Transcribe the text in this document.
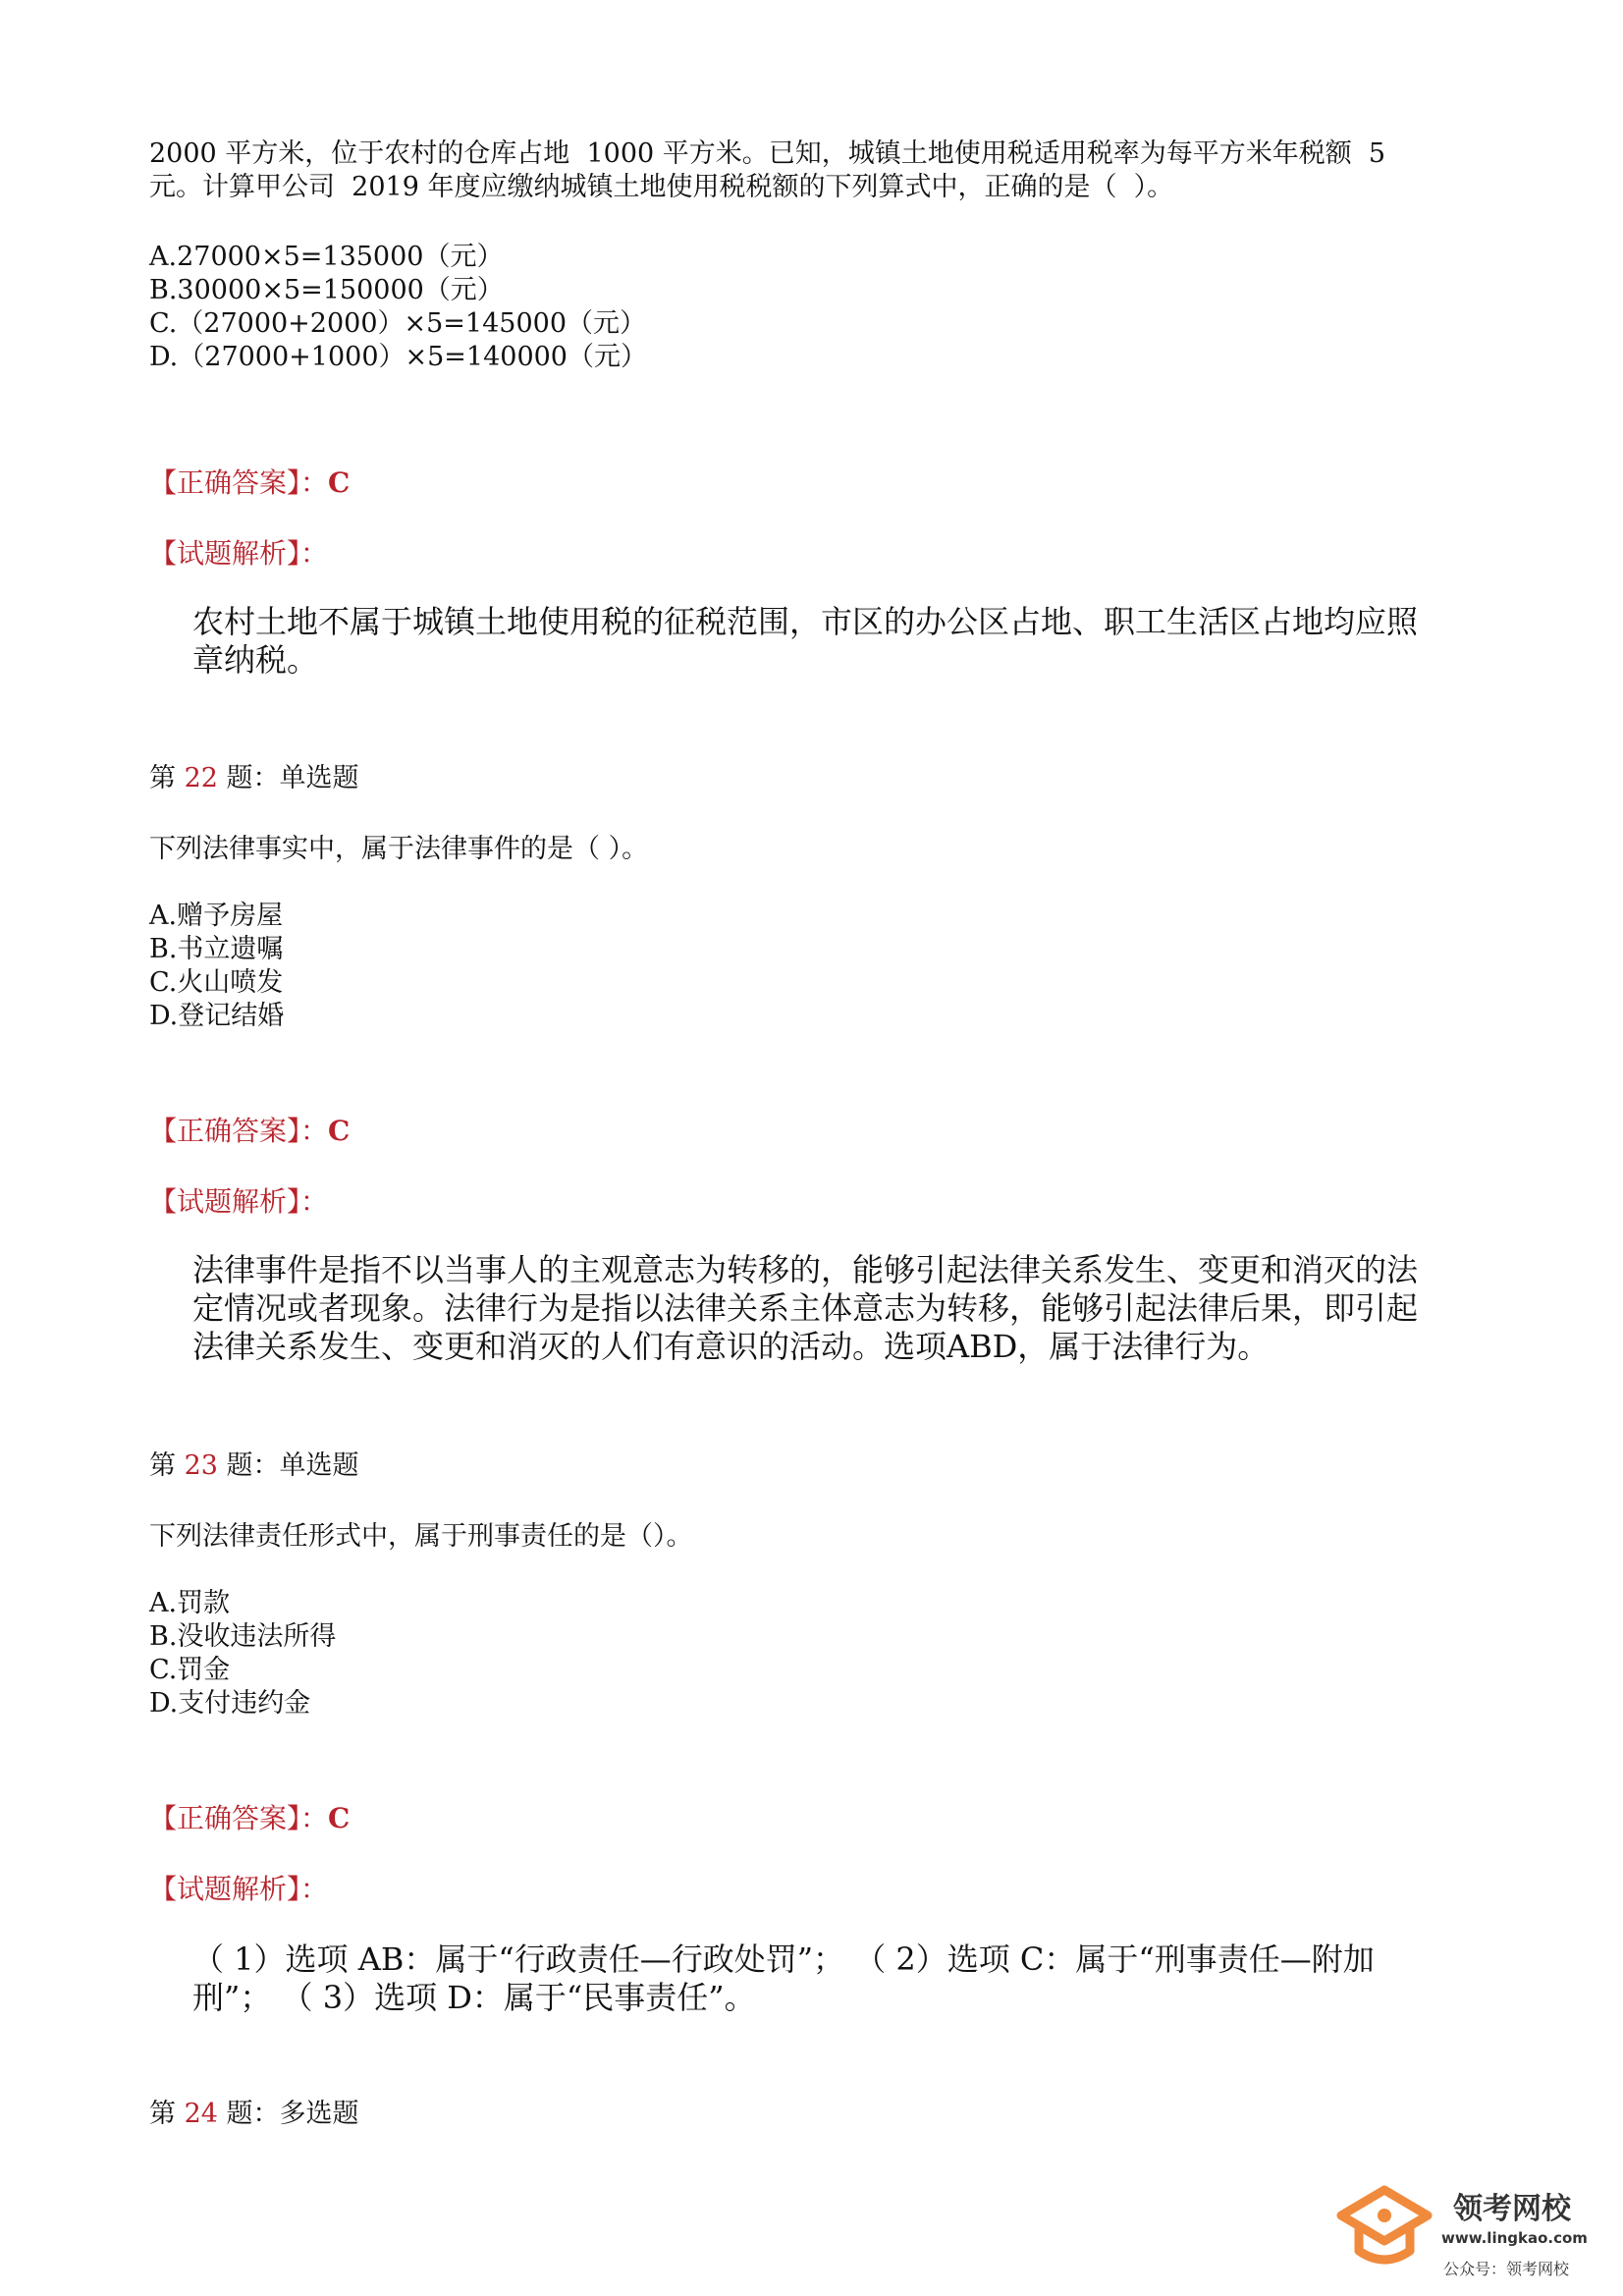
2000 平方米，位于农村的仓库占地  1000 平方米。已知，城镇土地使用税适用税率为每平方米年税额  5

元。计算甲公司  2019 年度应缴纳城镇土地使用税税额的下列算式中，正确的是（  ）。

A.27000×5=135000（元）

B.30000×5=150000（元）

C.（27000+2000）×5=145000（元）

D.（27000+1000）×5=140000（元）

【正确答案】：C
【试题解析】：
农村土地不属于城镇土地使用税的征税范围，市区的办公区占地、职工生活区占地均应照
章纳税。
第 22 题：单选题
下列法律事实中，属于法律事件的是（ ）。
A.赠予房屋
B.书立遗嘱
C.火山喷发
D.登记结婚
【正确答案】：C
【试题解析】：
法律事件是指不以当事人的主观意志为转移的，能够引起法律关系发生、变更和消灭的法
定情况或者现象。法律行为是指以法律关系主体意志为转移，能够引起法律后果，即引起
法律关系发生、变更和消灭的人们有意识的活动。选项ABD，属于法律行为。
第 23 题：单选题
下列法律责任形式中，属于刑事责任的是（）。
A.罚款
B.没收违法所得
C.罚金
D.支付违约金
【正确答案】：C
【试题解析】：
（ 1）选项 AB：属于“行政责任—行政处罚”； （ 2）选项 C：属于“刑事责任—附加
刑”； （ 3）选项 D：属于“民事责任”。
第 24 题：多选题
领考网校
www.lingkao.com
公众号：领考网校
